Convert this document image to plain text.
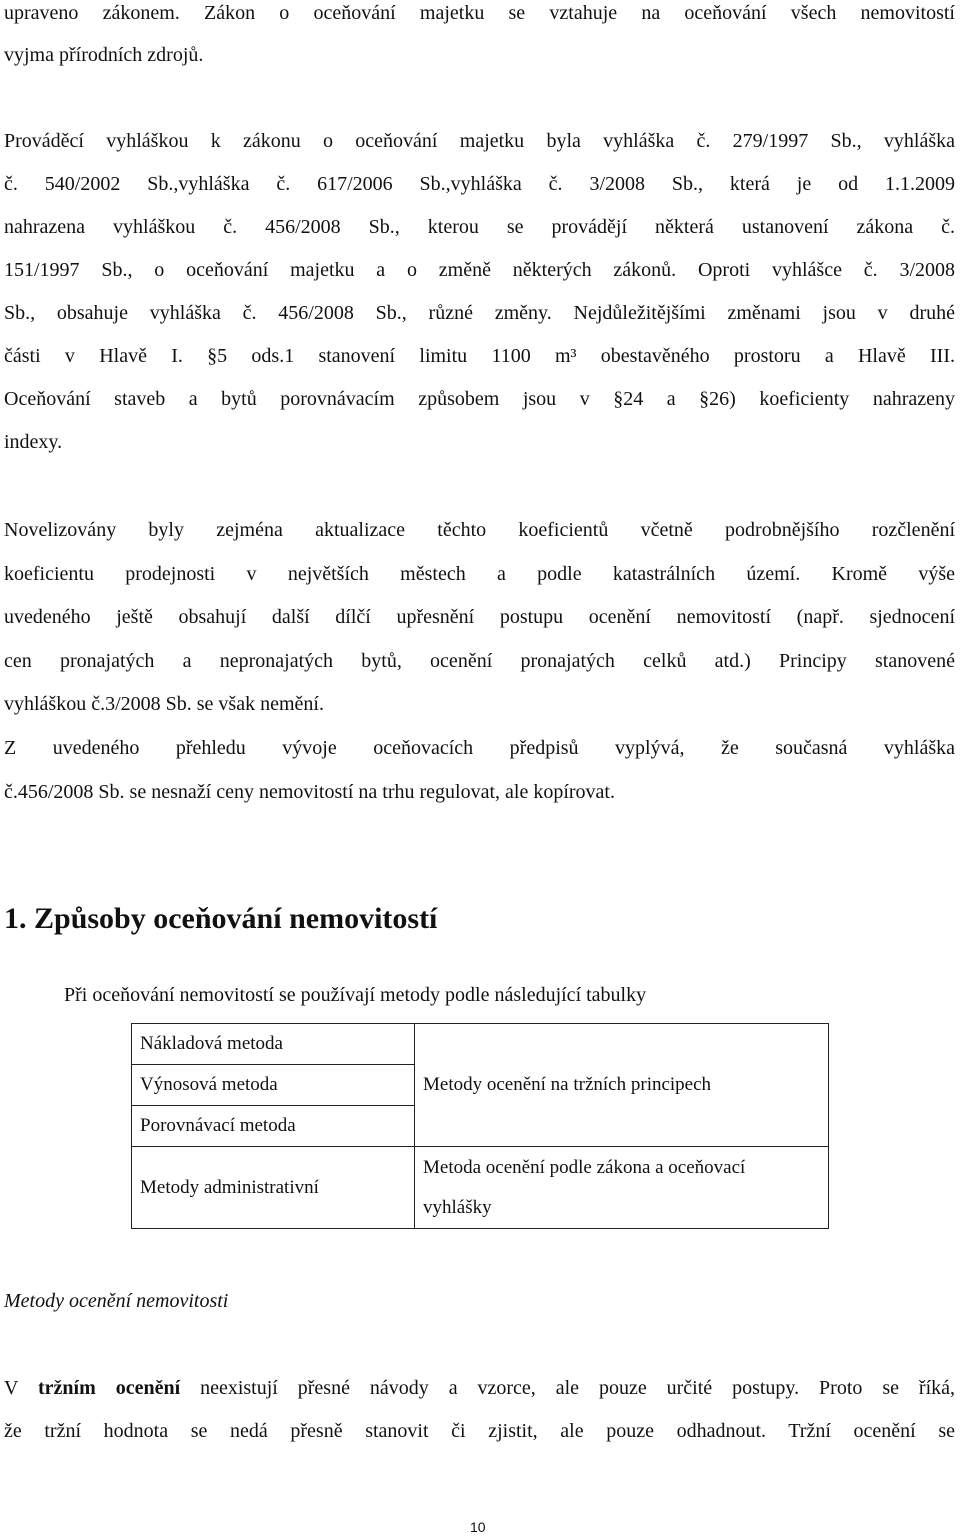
upraveno zákonem. Zákon o oceňování majetku se vztahuje na oceňování všech nemovitostí
vyjma přírodních zdrojů.
Prováděcí vyhláškou k zákonu o oceňování majetku byla vyhláška č. 279/1997 Sb., vyhláška
č. 540/2002 Sb.,vyhláška č. 617/2006 Sb.,vyhláška č. 3/2008 Sb., která je od 1.1.2009
nahrazena vyhláškou č. 456/2008 Sb., kterou se provádějí některá ustanovení zákona č.
151/1997 Sb., o oceňování majetku a o změně některých zákonů. Oproti vyhlášce č. 3/2008
Sb., obsahuje vyhláška č. 456/2008 Sb., různé změny. Nejdůležitějšími změnami jsou v druhé
části v Hlavě I. §5 ods.1 stanovení limitu 1100 m³ obestavěného prostoru a Hlavě III.
Oceňování staveb a bytů porovnávacím způsobem jsou v §24 a §26) koeficienty nahrazeny
indexy.
Novelizovány byly zejména aktualizace těchto koeficientů včetně podrobnějšího rozčlenění
koeficientu prodejnosti v největších městech a podle katastrálních území. Kromě výše
uvedeného ještě obsahují další dílčí upřesnění postupu ocenění nemovitostí (např. sjednocení
cen pronajatých a nepronajatých bytů, ocenění pronajatých celků atd.) Principy stanovené
vyhláškou č.3/2008 Sb. se však nemění.
Z uvedeného přehledu vývoje oceňovacích předpisů vyplývá, že současná vyhláška
č.456/2008 Sb. se nesnaží ceny nemovitostí na trhu regulovat, ale kopírovat.
1. Způsoby oceňování nemovitostí
Při oceňování nemovitostí se používají metody podle následující tabulky
Nákladová metoda	Metody ocenění na tržních principech
Výnosová metoda	
Porovnávací metoda	
Metody administrativní	Metoda ocenění podle zákona a oceňovací
vyhlášky
Metody ocenění nemovitosti
V tržním ocenění neexistují přesné návody a vzorce, ale pouze určité postupy. Proto se říká,
že tržní hodnota se nedá přesně stanovit či zjistit, ale pouze odhadnout. Tržní ocenění se
10
